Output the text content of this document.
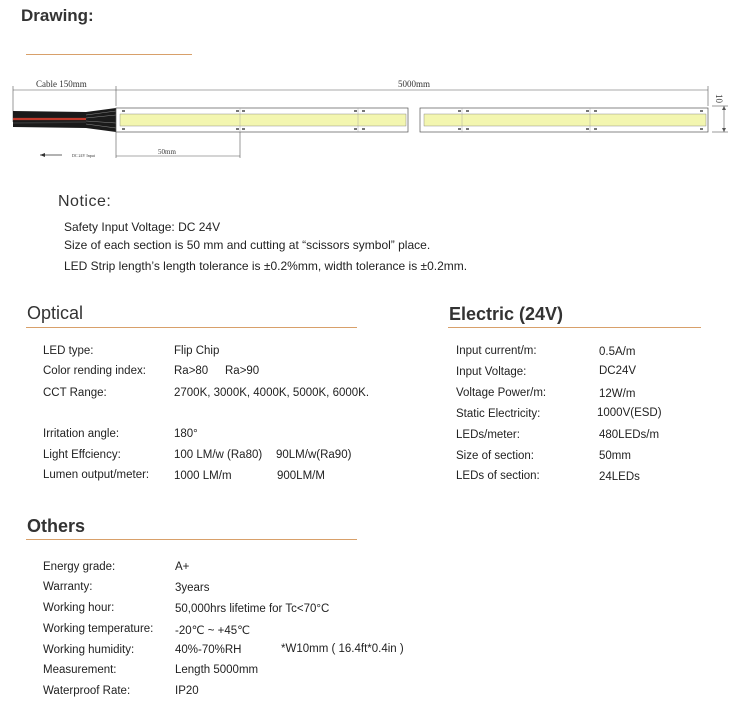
Drawing:
Cable 150mm	5000mm
10
50mm
DC 24V Input
Notice:
Safety Input Voltage: DC 24V
Size of each section is 50 mm and cutting at “scissors symbol” place.
LED Strip length’s length tolerance is ±0.2%mm, width tolerance is ±0.2mm.
Optical
LED type:	Flip Chip
Color rending index: Ra>80 Ra>90
CCT Range:	2700K, 3000K, 4000K, 5000K, 6000K.
Irritation angle:	180°
Light Effciency:	100 LM/w (Ra80) 90LM/w(Ra90)
Lumen output/meter: 1000 LM/m	900LM/M
Electric (24V)
Input current/m:	0.5A/m
Input Voltage:	DC24V
Voltage Power/m:	12W/m
Static Electricity:	1000V(ESD)
LEDs/meter:	480LEDs/m
Size of section:	50mm
LEDs of section:	24LEDs
Others
Energy grade:	A+
Warranty:	3years
Working hour:	50,000hrs lifetime for Tc<70°C
Working temperature: -20℃ ~ +45℃
Working humidity:	40%-70%RH	*W10mm ( 16.4ft*0.4in )
Measurement:	Length 5000mm
Waterproof Rate:	IP20
